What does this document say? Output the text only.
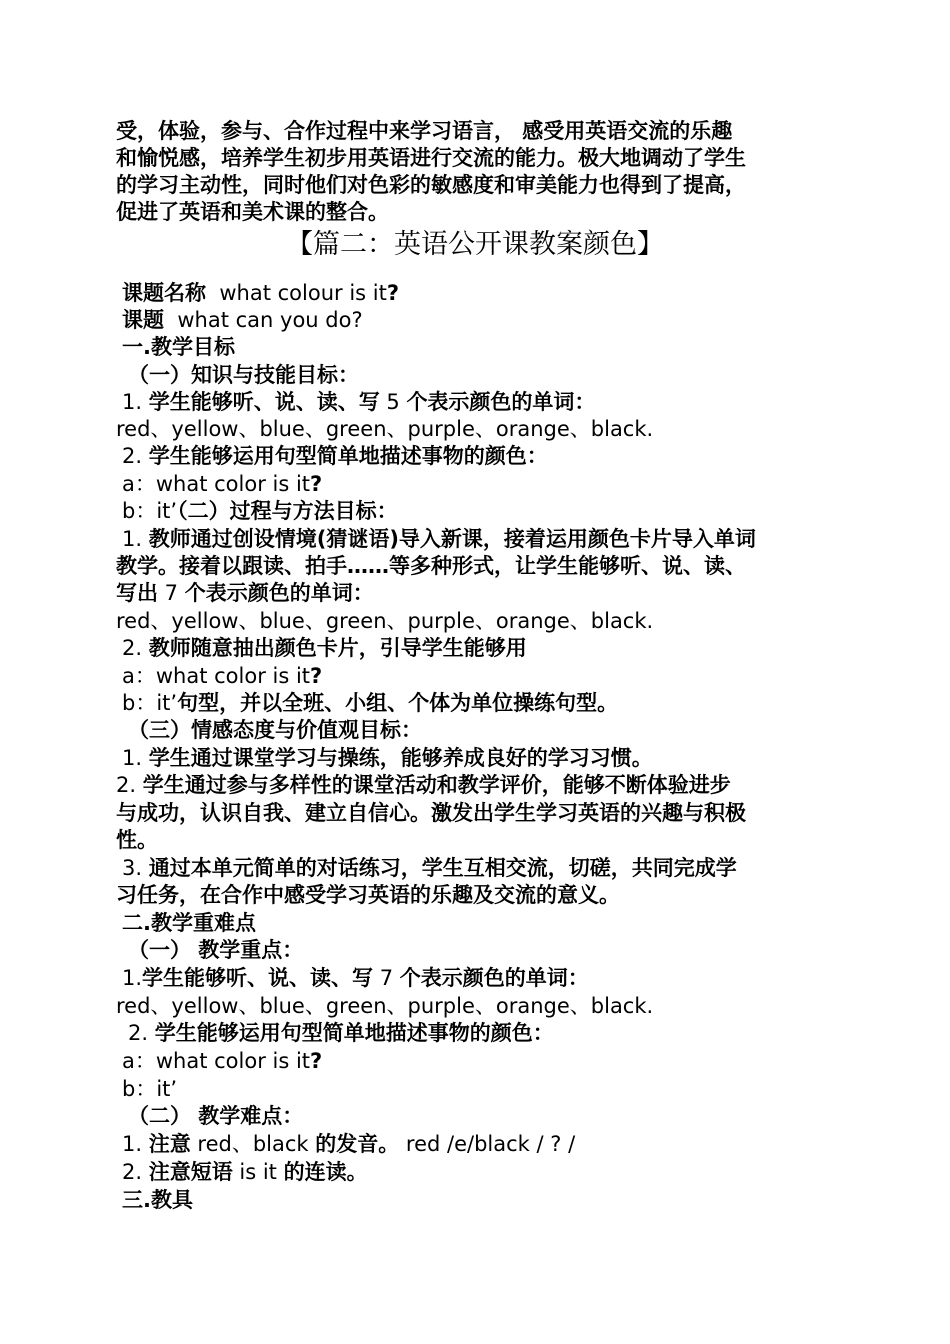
受，体验，参与、合作过程中来学习语言， 感受用英语交流的乐趣
和愉悦感，培养学生初步用英语进行交流的能力。极大地调动了学生
的学习主动性，同时他们对色彩的敏感度和审美能力也得到了提高，
促进了英语和美术课的整合。
【篇二：英语公开课教案颜色】
课题名称 what colour is it?
课题 what can you do?
一.教学目标
（一）知识与技能目标：
1. 学生能够听、说、读、写 5 个表示颜色的单词：
red、yellow、blue、green、purple、orange、black.
2. 学生能够运用句型简单地描述事物的颜色：
a：what color is it?
b：it’（二）过程与方法目标：
1. 教师通过创设情境(猜谜语)导入新课，接着运用颜色卡片导入单词
教学。接着以跟读、拍手……等多种形式，让学生能够听、说、读、
写出 7 个表示颜色的单词：
red、yellow、blue、green、purple、orange、black.
2. 教师随意抽出颜色卡片，引导学生能够用
a：what color is it?
b：it’句型，并以全班、小组、个体为单位操练句型。
（三）情感态度与价值观目标：
1. 学生通过课堂学习与操练，能够养成良好的学习习惯。
2. 学生通过参与多样性的课堂活动和教学评价，能够不断体验进步
与成功，认识自我、建立自信心。激发出学生学习英语的兴趣与积极
性。
3. 通过本单元简单的对话练习，学生互相交流，切磋，共同完成学
习任务，在合作中感受学习英语的乐趣及交流的意义。
二.教学重难点
（一） 教学重点：
1.学生能够听、说、读、写 7 个表示颜色的单词：
red、yellow、blue、green、purple、orange、black.
2. 学生能够运用句型简单地描述事物的颜色：
a：what color is it?
b：it’
（二） 教学难点：
1. 注意 red、black 的发音。 red /e/black / ? /
2. 注意短语 is it 的连读。
三.教具
